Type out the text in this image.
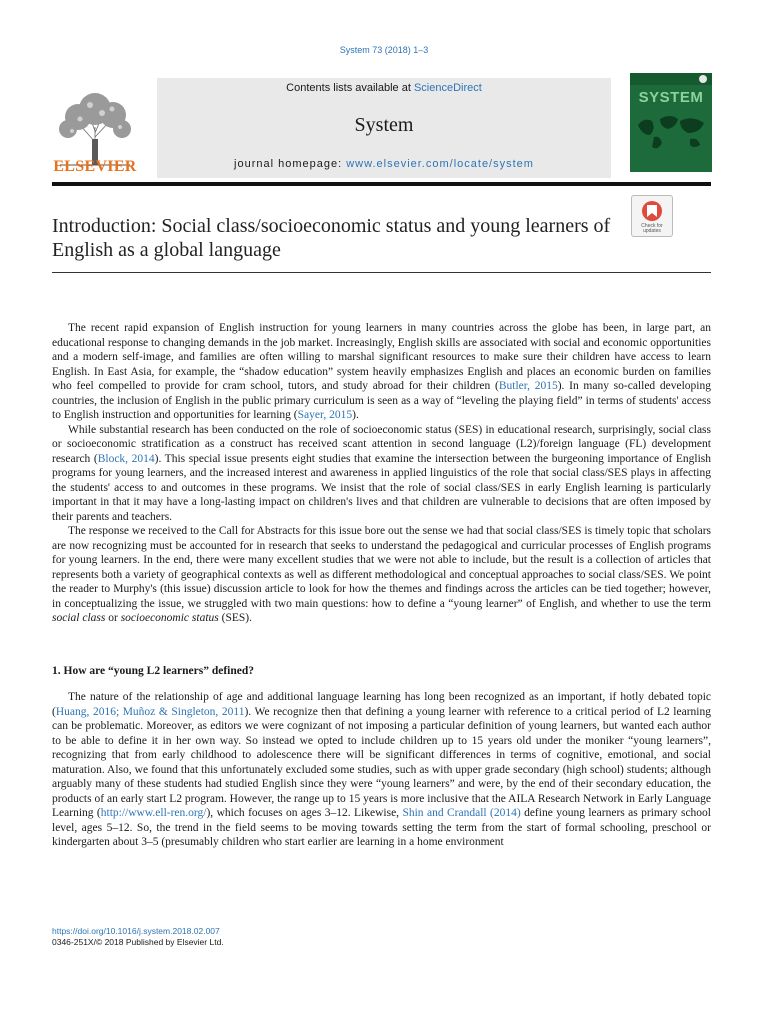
System 73 (2018) 1–3
ELSEVIER
Contents lists available at ScienceDirect
System
journal homepage: www.elsevier.com/locate/system
SYSTEM
Check for updates
Introduction: Social class/socioeconomic status and young learners of English as a global language

The recent rapid expansion of English instruction for young learners in many countries across the globe has been, in large part, an educational response to changing demands in the job market. Increasingly, English skills are associated with social and economic opportunities and a modern self-image, and families are often willing to marshal significant resources to make sure their children have access to learn English. In East Asia, for example, the “shadow education” system heavily emphasizes English and places an economic burden on families who feel compelled to provide for cram school, tutors, and study abroad for their children (Butler, 2015). In many so-called developing countries, the inclusion of English in the public primary curriculum is seen as a way of “leveling the playing field” in terms of students' access to English instruction and opportunities for learning (Sayer, 2015).

While substantial research has been conducted on the role of socioeconomic status (SES) in educational research, surprisingly, social class or socioeconomic stratification as a construct has received scant attention in second language (L2)/foreign language (FL) development research (Block, 2014). This special issue presents eight studies that examine the intersection between the burgeoning importance of English programs for young learners, and the increased interest and awareness in applied linguistics of the role that social class/SES plays in affecting the students' access to and outcomes in these programs. We insist that the role of social class/SES in early English learning is particularly important in that it may have a long-lasting impact on children's lives and that children are vulnerable to decisions that are often imposed by their parents and teachers.

The response we received to the Call for Abstracts for this issue bore out the sense we had that social class/SES is timely topic that scholars are now recognizing must be accounted for in research that seeks to understand the pedagogical and curricular processes of English programs for young learners. In the end, there were many excellent studies that we were not able to include, but the result is a collection of articles that represents both a variety of geographical contexts as well as different methodological and conceptual approaches to social class/SES. We point the reader to Murphy's (this issue) discussion article to look for how the themes and findings across the articles can be tied together; however, in conceptualizing the issue, we struggled with two main questions: how to define a “young learner” of English, and whether to use the term social class or socioeconomic status (SES).

1. How are “young L2 learners” defined?

The nature of the relationship of age and additional language learning has long been recognized as an important, if hotly debated topic (Huang, 2016; Muñoz & Singleton, 2011). We recognize then that defining a young learner with reference to a critical period of L2 learning can be problematic. Moreover, as editors we were cognizant of not imposing a particular definition of young learners, but wanted each author to be able to define it in her own way. So instead we opted to include children up to 15 years old under the moniker “young learners”, recognizing that from early childhood to adolescence there will be significant differences in terms of cognitive, emotional, and social maturation. Also, we found that this unfortunately excluded some studies, such as with upper grade secondary (high school) students; although arguably many of these students had studied English since they were “young learners” and were, by the end of their secondary education, the products of an early start L2 program. However, the range up to 15 years is more inclusive that the AILA Research Network in Early Language Learning (http://www.ell-ren.org/), which focuses on ages 3–12. Likewise, Shin and Crandall (2014) define young learners as primary school level, ages 5–12. So, the trend in the field seems to be moving towards setting the term from the start of formal schooling, preschool or kindergarten about 3–5 (presumably children who start earlier are learning in a home environment

https://doi.org/10.1016/j.system.2018.02.007
0346-251X/© 2018 Published by Elsevier Ltd.
